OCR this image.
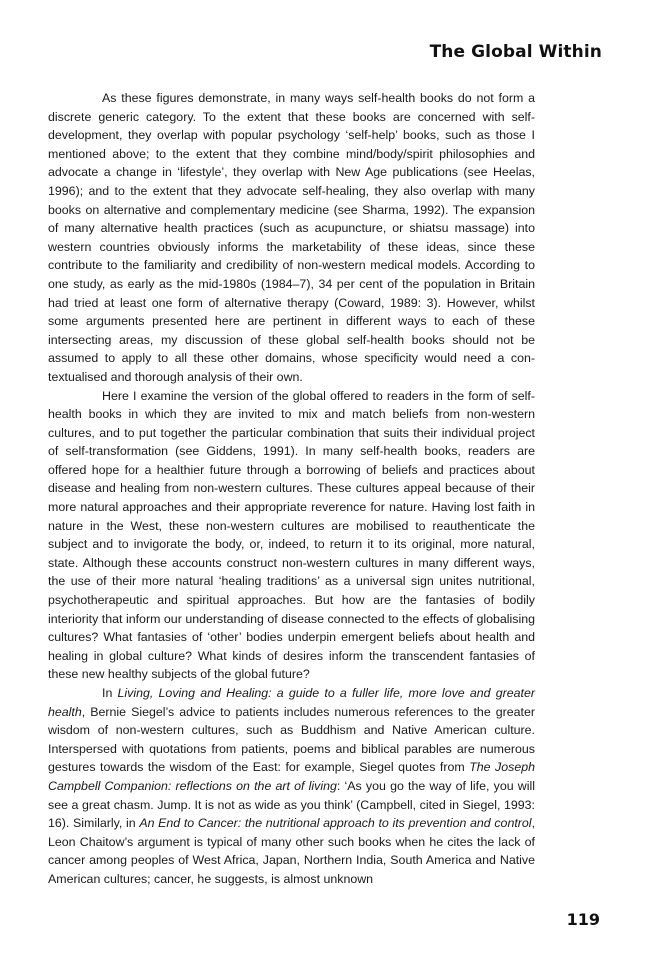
The Global Within

As these figures demonstrate, in many ways self-health books do not form a discrete generic category. To the extent that these books are concerned with self-development, they overlap with popular psychology ‘self-help’ books, such as those I mentioned above; to the extent that they combine mind/body/spirit philosophies and advocate a change in ‘lifestyle’, they overlap with New Age publications (see Heelas, 1996); and to the extent that they advocate self-healing, they also overlap with many books on alternative and complementary medicine (see Sharma, 1992). The expansion of many alternative health practices (such as acupuncture, or shiatsu massage) into western countries obviously informs the marketability of these ideas, since these contribute to the familiarity and credibility of non-western medical models. According to one study, as early as the mid-1980s (1984–7), 34 per cent of the population in Britain had tried at least one form of alternative therapy (Coward, 1989: 3). However, whilst some arguments presented here are pertinent in different ways to each of these intersecting areas, my discussion of these global self-health books should not be assumed to apply to all these other domains, whose specificity would need a contextualised and thorough analysis of their own.

Here I examine the version of the global offered to readers in the form of self-health books in which they are invited to mix and match beliefs from non-western cultures, and to put together the particular combination that suits their individual project of self-transformation (see Giddens, 1991). In many self-health books, readers are offered hope for a healthier future through a borrowing of beliefs and practices about disease and healing from non-western cultures. These cultures appeal because of their more natural approaches and their appropriate reverence for nature. Having lost faith in nature in the West, these non-western cultures are mobilised to reauthenticate the subject and to invigorate the body, or, indeed, to return it to its original, more natural, state. Although these accounts construct non-western cultures in many different ways, the use of their more natural ‘healing traditions’ as a universal sign unites nutritional, psychotherapeutic and spiritual approaches. But how are the fantasies of bodily interiority that inform our understanding of disease connected to the effects of globalising cultures? What fantasies of ‘other’ bodies underpin emergent beliefs about health and healing in global culture? What kinds of desires inform the transcendent fantasies of these new healthy subjects of the global future?

In Living, Loving and Healing: a guide to a fuller life, more love and greater health, Bernie Siegel’s advice to patients includes numerous references to the greater wisdom of non-western cultures, such as Buddhism and Native American culture. Interspersed with quotations from patients, poems and biblical parables are numerous gestures towards the wisdom of the East: for example, Siegel quotes from The Joseph Campbell Companion: reflections on the art of living: ‘As you go the way of life, you will see a great chasm. Jump. It is not as wide as you think’ (Campbell, cited in Siegel, 1993: 16). Similarly, in An End to Cancer: the nutritional approach to its prevention and control, Leon Chaitow’s argument is typical of many other such books when he cites the lack of cancer among peoples of West Africa, Japan, Northern India, South America and Native American cultures; cancer, he suggests, is almost unknown

119
